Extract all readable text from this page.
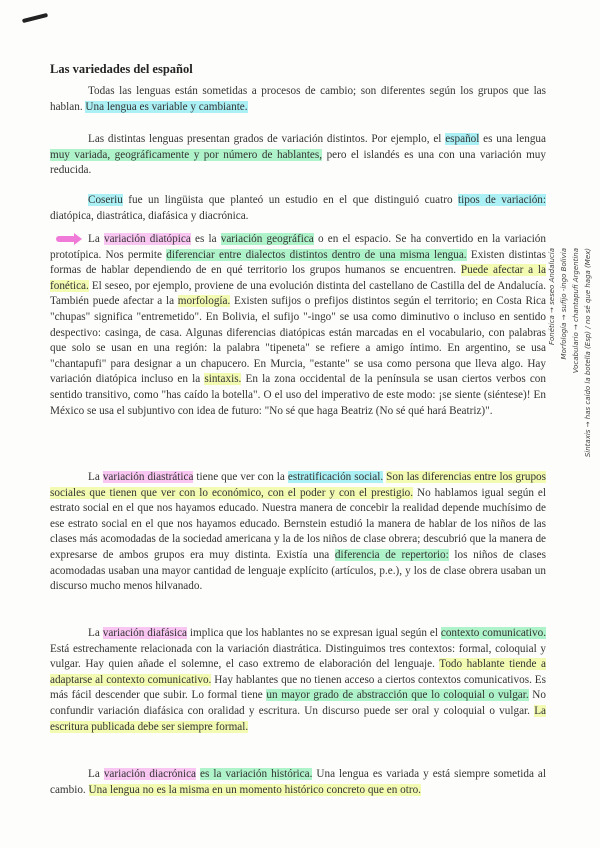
Las variedades del español

Todas las lenguas están sometidas a procesos de cambio; son diferentes según los grupos que las hablan. Una lengua es variable y cambiante.

Las distintas lenguas presentan grados de variación distintos. Por ejemplo, el español es una lengua muy variada, geográficamente y por número de hablantes, pero el islandés es una con una variación muy reducida.

Coseriu fue un lingüista que planteó un estudio en el que distinguió cuatro tipos de variación: diatópica, diastrática, diafásica y diacrónica.

La variación diatópica es la variación geográfica o en el espacio. Se ha convertido en la variación prototípica. Nos permite diferenciar entre dialectos distintos dentro de una misma lengua. Existen distintas formas de hablar dependiendo de en qué territorio los grupos humanos se encuentren. Puede afectar a la fonética. El seseo, por ejemplo, proviene de una evolución distinta del castellano de Castilla del de Andalucía. También puede afectar a la morfología. Existen sufijos o prefijos distintos según el territorio; en Costa Rica "chupas" significa "entremetido". En Bolivia, el sufijo "-ingo" se usa como diminutivo o incluso en sentido despectivo: casinga, de casa. Algunas diferencias diatópicas están marcadas en el vocabulario, con palabras que solo se usan en una región: la palabra "tipeneta" se refiere a amigo íntimo. En argentino, se usa "chantapufi" para designar a un chapucero. En Murcia, "estante" se usa como persona que lleva algo. Hay variación diatópica incluso en la sintaxis. En la zona occidental de la península se usan ciertos verbos con sentido transitivo, como "has caído la botella". O el uso del imperativo de este modo: ¡se siente (siéntese)! En México se usa el subjuntivo con idea de futuro: "No sé que haga Beatriz (No sé qué hará Beatriz)".

La variación diastrática tiene que ver con la estratificación social. Son las diferencias entre los grupos sociales que tienen que ver con lo económico, con el poder y con el prestigio. No hablamos igual según el estrato social en el que nos hayamos educado. Nuestra manera de concebir la realidad depende muchísimo de ese estrato social en el que nos hayamos educado. Bernstein estudió la manera de hablar de los niños de las clases más acomodadas de la sociedad americana y la de los niños de clase obrera; descubrió que la manera de expresarse de ambos grupos era muy distinta. Existía una diferencia de repertorio: los niños de clases acomodadas usaban una mayor cantidad de lenguaje explícito (artículos, p.e.), y los de clase obrera usaban un discurso mucho menos hilvanado.

La variación diafásica implica que los hablantes no se expresan igual según el contexto comunicativo. Está estrechamente relacionada con la variación diastrática. Distinguimos tres contextos: formal, coloquial y vulgar. Hay quien añade el solemne, el caso extremo de elaboración del lenguaje. Todo hablante tiende a adaptarse al contexto comunicativo. Hay hablantes que no tienen acceso a ciertos contextos comunicativos. Es más fácil descender que subir. Lo formal tiene un mayor grado de abstracción que lo coloquial o vulgar. No confundir variación diafásica con oralidad y escritura. Un discurso puede ser oral y coloquial o vulgar. La escritura publicada debe ser siempre formal.

La variación diacrónica es la variación histórica. Una lengua es variada y está siempre sometida al cambio. Una lengua no es la misma en un momento histórico concreto que en otro.

Fonética → seseo Andalucía Morfología → sufijo -ingo Bolivia Vocabulario → chantapufi Argentina Sintaxis → has caído la botella (Esp) / no sé que haga (Mex)
